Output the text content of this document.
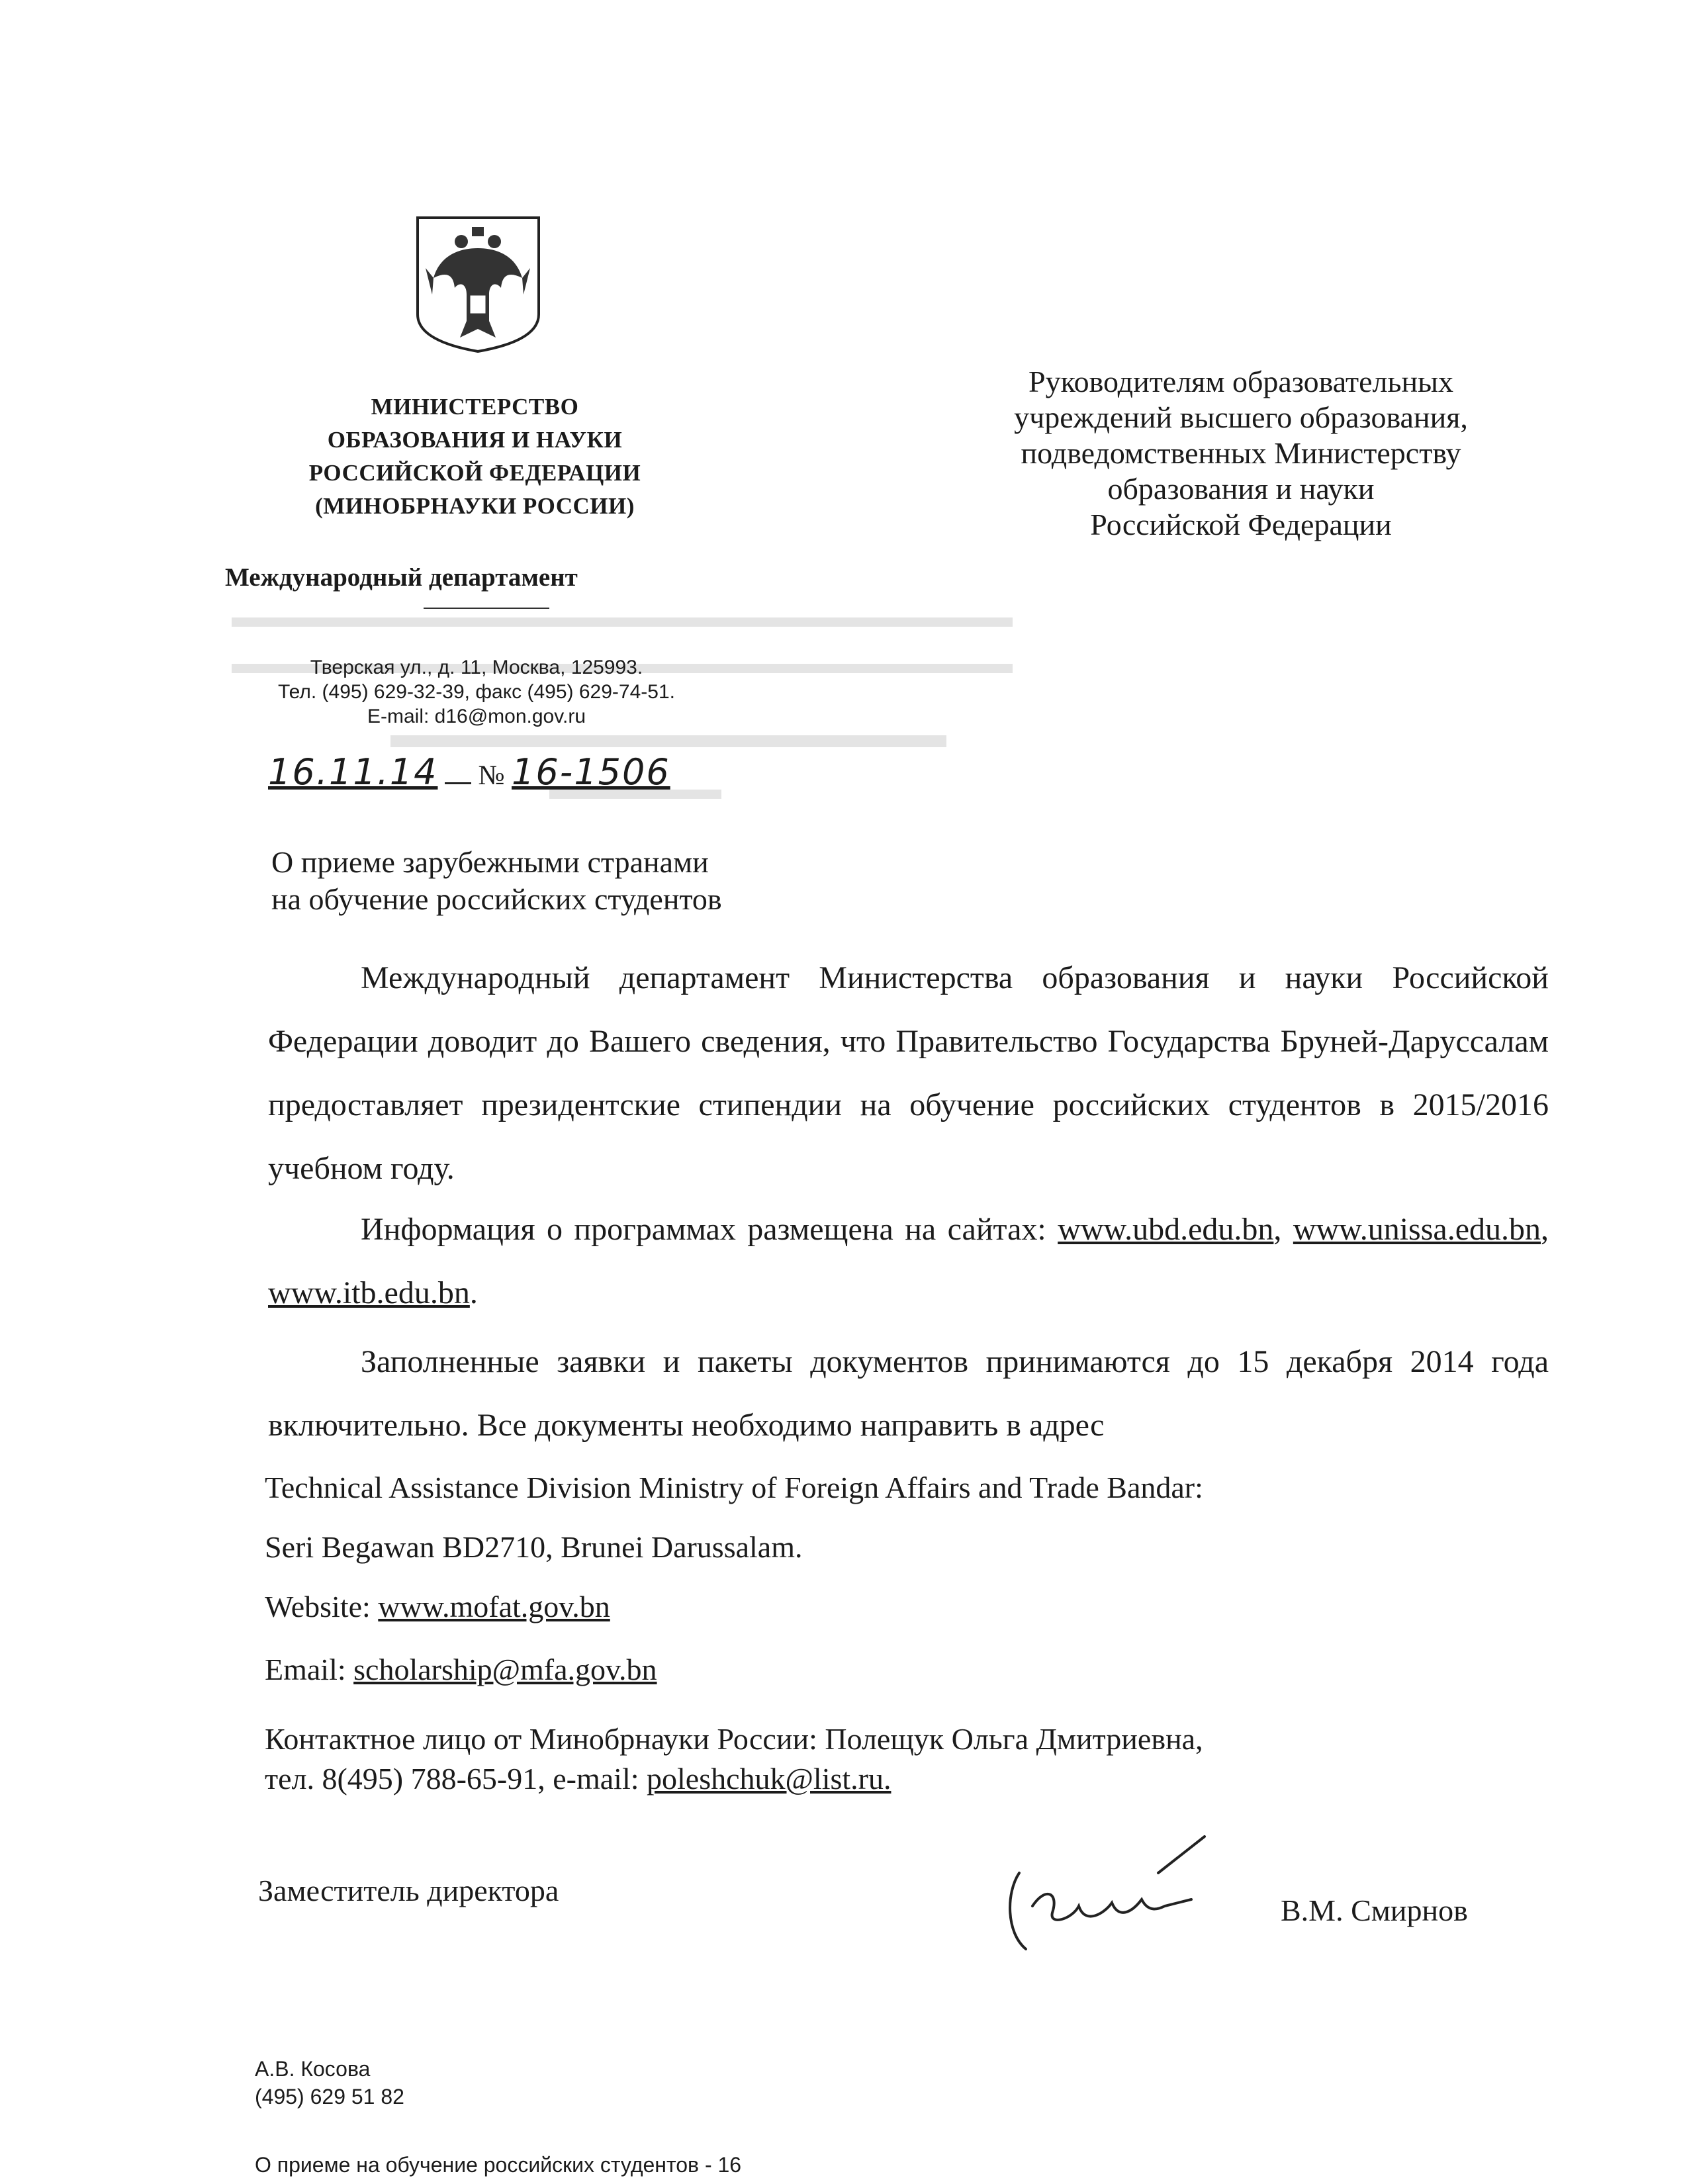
МИНИСТЕРСТВО
ОБРАЗОВАНИЯ И НАУКИ
РОССИЙСКОЙ ФЕДЕРАЦИИ
(МИНОБРНАУКИ РОССИИ)
Международный департамент
Тверская ул., д. 11, Москва, 125993.
Тел. (495) 629-32-39, факс (495) 629-74-51.
E-mail: d16@mon.gov.ru
16.11.14 № 16-1506
Руководителям образовательных
учреждений высшего образования,
подведомственных Министерству
образования и науки
Российской Федерации
О приеме зарубежными странами
на обучение российских студентов
Международный департамент Министерства образования и науки Российской Федерации доводит до Вашего сведения, что Правительство Государства Бруней-Даруссалам предоставляет президентские стипендии на обучение российских студентов в 2015/2016 учебном году.
Информация о программах размещена на сайтах: www.ubd.edu.bn, www.unissa.edu.bn, www.itb.edu.bn.
Заполненные заявки и пакеты документов принимаются до 15 декабря 2014 года включительно. Все документы необходимо направить в адрес
Technical Assistance Division Ministry of Foreign Affairs and Trade Bandar:
Seri Begawan BD2710, Brunei Darussalam.
Website: www.mofat.gov.bn
Email: scholarship@mfa.gov.bn
Контактное лицо от Минобрнауки России: Полещук Ольга Дмитриевна,
тел. 8(495) 788-65-91, e-mail: poleshchuk@list.ru.
Заместитель директора
В.М. Смирнов
А.В. Косова
(495) 629 51 82
О приеме на обучение российских студентов - 16
